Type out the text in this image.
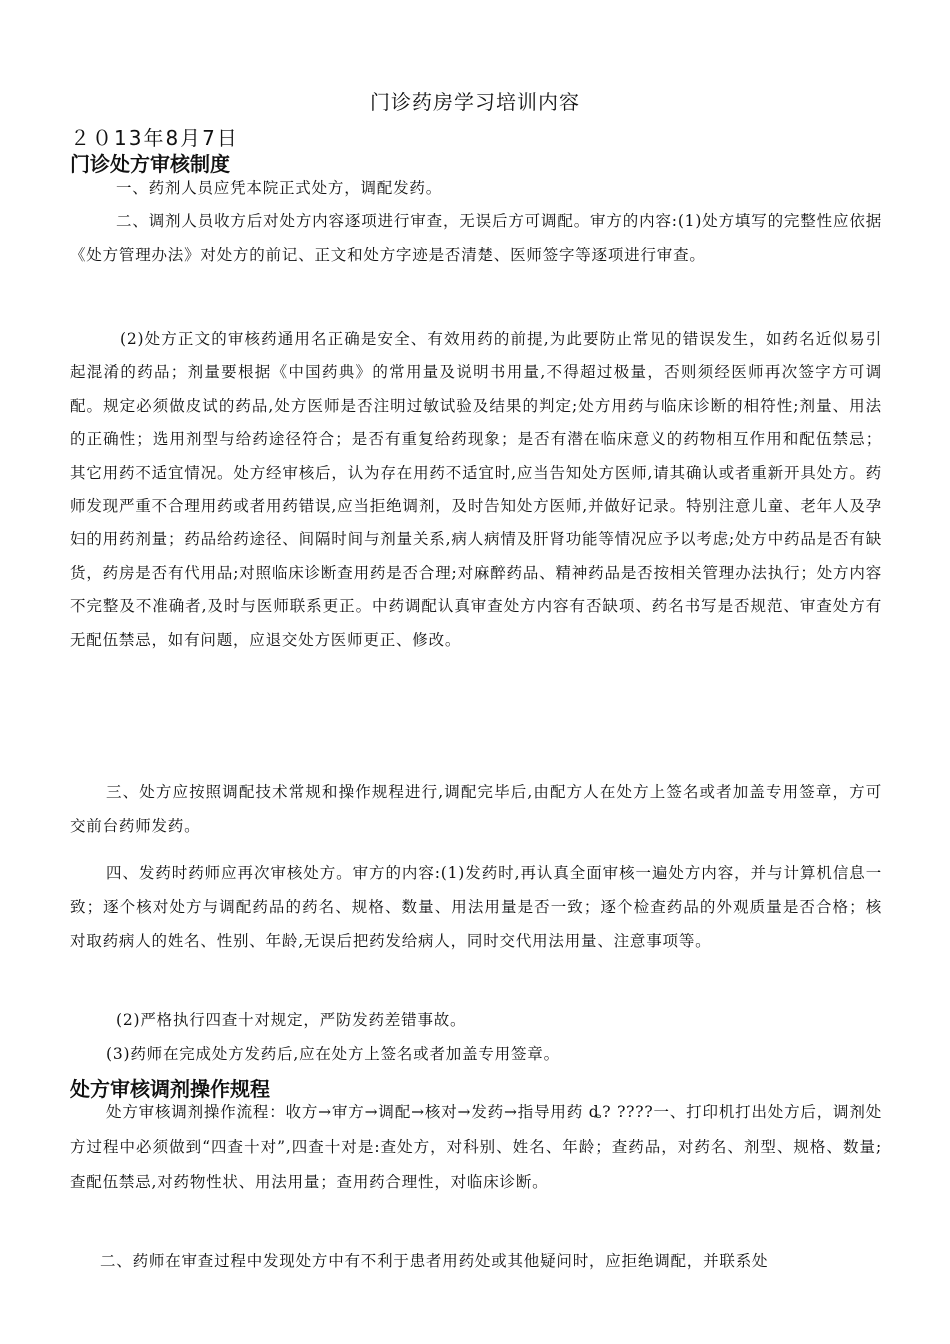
门诊药房学习培训内容
２０13年8月7日
门诊处方审核制度

一、药剂人员应凭本院正式处方，调配发药。

二、调剂人员收方后对处方内容逐项进行审查，无误后方可调配。审方的内容:(1)处方填写的完整性应依据《处方管理办法》对处方的前记、正文和处方字迹是否清楚、医师签字等逐项进行审查。

(2)处方正文的审核药通用名正确是安全、有效用药的前提,为此要防止常见的错误发生，如药名近似易引起混淆的药品；剂量要根据《中国药典》的常用量及说明书用量,不得超过极量，否则须经医师再次签字方可调配。规定必须做皮试的药品,处方医师是否注明过敏试验及结果的判定;处方用药与临床诊断的相符性;剂量、用法的正确性；选用剂型与给药途径符合；是否有重复给药现象；是否有潜在临床意义的药物相互作用和配伍禁忌；其它用药不适宜情况。处方经审核后，认为存在用药不适宜时,应当告知处方医师,请其确认或者重新开具处方。药师发现严重不合理用药或者用药错误,应当拒绝调剂，及时告知处方医师,并做好记录。特别注意儿童、老年人及孕妇的用药剂量；药品给药途径、间隔时间与剂量关系,病人病情及肝肾功能等情况应予以考虑;处方中药品是否有缺货，药房是否有代用品;对照临床诊断查用药是否合理;对麻醉药品、精神药品是否按相关管理办法执行；处方内容不完整及不准确者,及时与医师联系更正。中药调配认真审查处方内容有否缺项、药名书写是否规范、审查处方有无配伍禁忌，如有问题，应退交处方医师更正、修改。

三、处方应按照调配技术常规和操作规程进行,调配完毕后,由配方人在处方上签名或者加盖专用签章，方可交前台药师发药。

四、发药时药师应再次审核处方。审方的内容:(1)发药时,再认真全面审核一遍处方内容，并与计算机信息一致；逐个核对处方与调配药品的药名、规格、数量、用法用量是否一致；逐个检查药品的外观质量是否合格；核对取药病人的姓名、性别、年龄,无误后把药发给病人，同时交代用法用量、注意事项等。

(2)严格执行四查十对规定，严防发药差错事故。

(3)药师在完成处方发药后,应在处方上签名或者加盖专用签章。

处方审核调剂操作规程

处方审核调剂操作流程：收方→审方→调配→核对→发药→指导用药 ȡ? ????一、打印机打出处方后，调剂处方过程中必须做到“四查十对”,四查十对是:查处方，对科别、姓名、年龄；查药品，对药名、剂型、规格、数量;查配伍禁忌,对药物性状、用法用量；查用药合理性，对临床诊断。

二、药师在审查过程中发现处方中有不利于患者用药处或其他疑问时，应拒绝调配，并联系处
